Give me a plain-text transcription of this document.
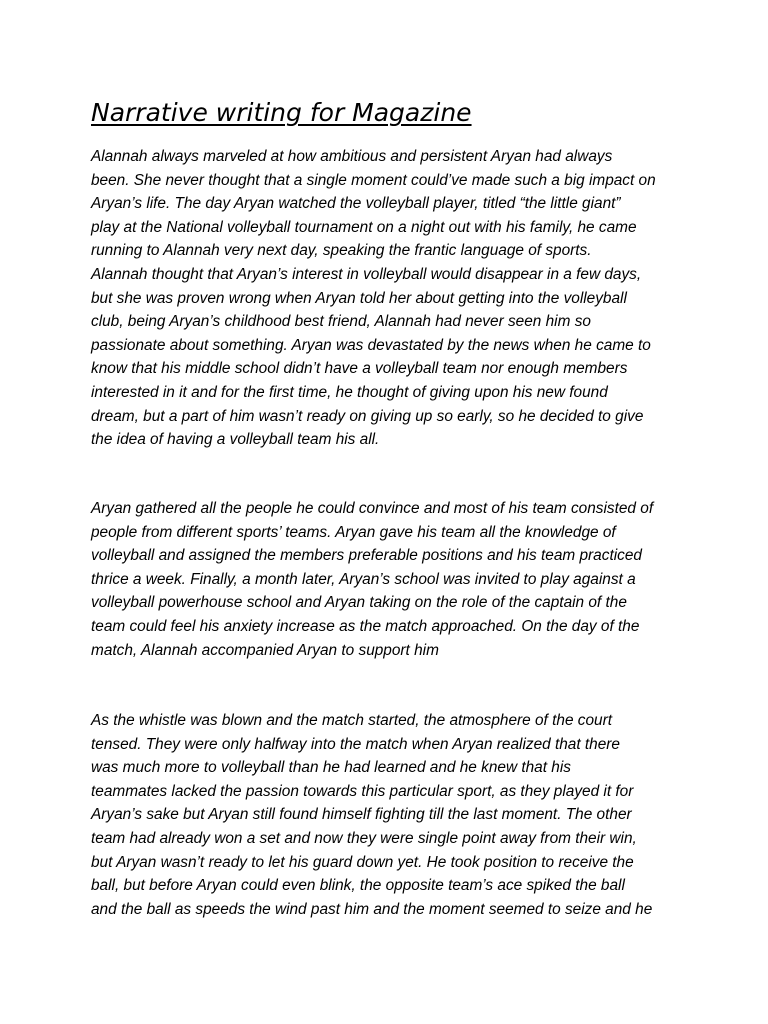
Narrative writing for Magazine

Alannah always marveled at how ambitious and persistent Aryan had always
been. She never thought that a single moment could’ve made such a big impact on
Aryan’s life. The day Aryan watched the volleyball player, titled “the little giant”
play at the National volleyball tournament on a night out with his family, he came
running to Alannah very next day, speaking the frantic language of sports.
Alannah thought that Aryan’s interest in volleyball would disappear in a few days,
but she was proven wrong when Aryan told her about getting into the volleyball
club, being Aryan’s childhood best friend, Alannah had never seen him so
passionate about something. Aryan was devastated by the news when he came to
know that his middle school didn’t have a volleyball team nor enough members
interested in it and for the first time, he thought of giving upon his new found
dream, but a part of him wasn’t ready on giving up so early, so he decided to give
the idea of having a volleyball team his all.

Aryan gathered all the people he could convince and most of his team consisted of
people from different sports’ teams. Aryan gave his team all the knowledge of
volleyball and assigned the members preferable positions and his team practiced
thrice a week. Finally, a month later, Aryan’s school was invited to play against a
volleyball powerhouse school and Aryan taking on the role of the captain of the
team could feel his anxiety increase as the match approached. On the day of the
match, Alannah accompanied Aryan to support him

As the whistle was blown and the match started, the atmosphere of the court
tensed. They were only halfway into the match when Aryan realized that there
was much more to volleyball than he had learned and he knew that his
teammates lacked the passion towards this particular sport, as they played it for
Aryan’s sake but Aryan still found himself fighting till the last moment. The other
team had already won a set and now they were single point away from their win,
but Aryan wasn’t ready to let his guard down yet. He took position to receive the
ball, but before Aryan could even blink, the opposite team’s ace spiked the ball
and the ball as speeds the wind past him and the moment seemed to seize and he
